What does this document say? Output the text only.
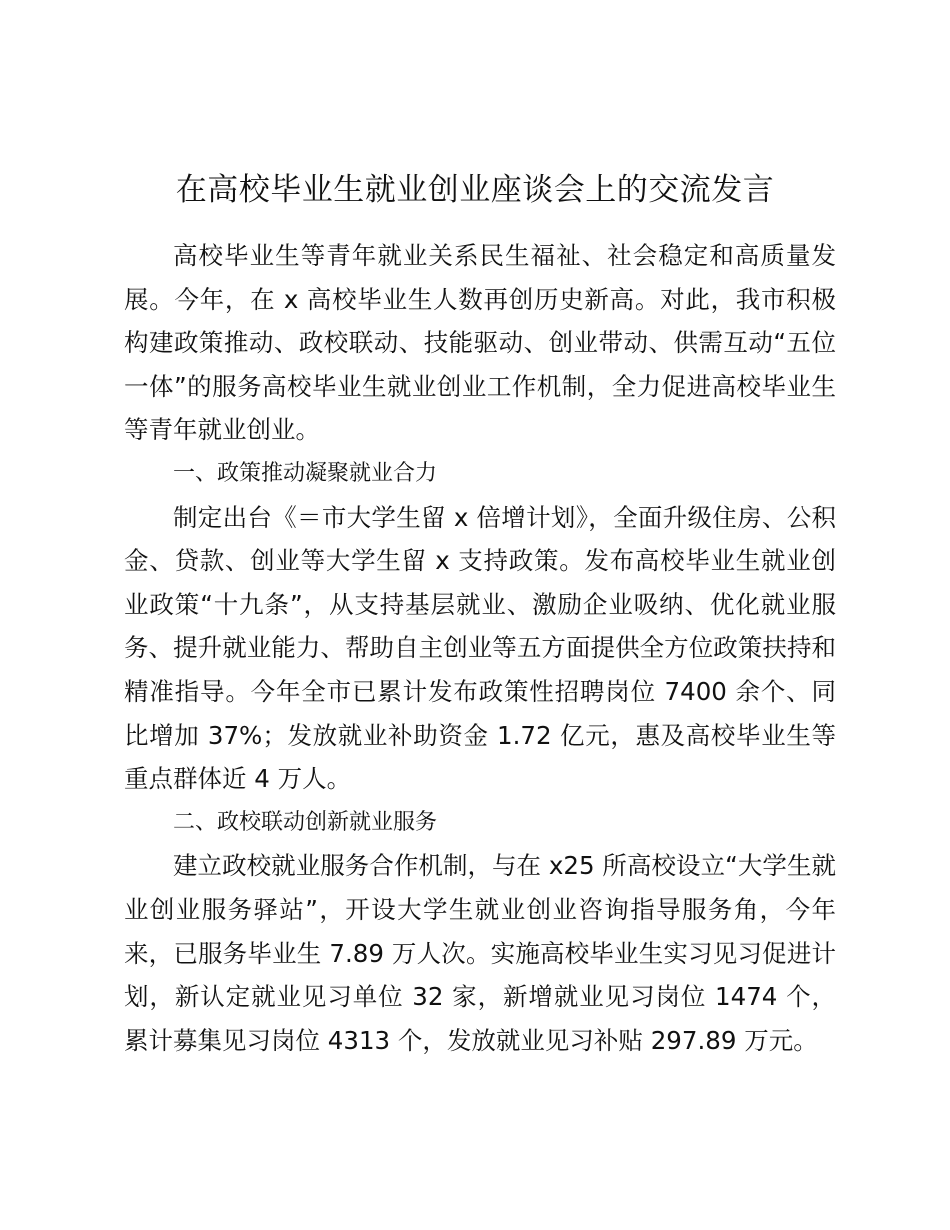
在高校毕业生就业创业座谈会上的交流发言

高校毕业生等青年就业关系民生福祉、社会稳定和高质量发展。今年，在 x 高校毕业生人数再创历史新高。对此，我市积极构建政策推动、政校联动、技能驱动、创业带动、供需互动“五位一体”的服务高校毕业生就业创业工作机制，全力促进高校毕业生等青年就业创业。

一、政策推动凝聚就业合力

制定出台《＝市大学生留 x 倍增计划》，全面升级住房、公积金、贷款、创业等大学生留 x 支持政策。发布高校毕业生就业创业政策“十九条”，从支持基层就业、激励企业吸纳、优化就业服务、提升就业能力、帮助自主创业等五方面提供全方位政策扶持和精准指导。今年全市已累计发布政策性招聘岗位 7400 余个、同比增加 37%；发放就业补助资金 1.72 亿元，惠及高校毕业生等重点群体近 4 万人。

二、政校联动创新就业服务

建立政校就业服务合作机制，与在 x25 所高校设立“大学生就业创业服务驿站”，开设大学生就业创业咨询指导服务角，今年来，已服务毕业生 7.89 万人次。实施高校毕业生实习见习促进计划，新认定就业见习单位 32 家，新增就业见习岗位 1474 个，累计募集见习岗位 4313 个，发放就业见习补贴 297.89 万元。
